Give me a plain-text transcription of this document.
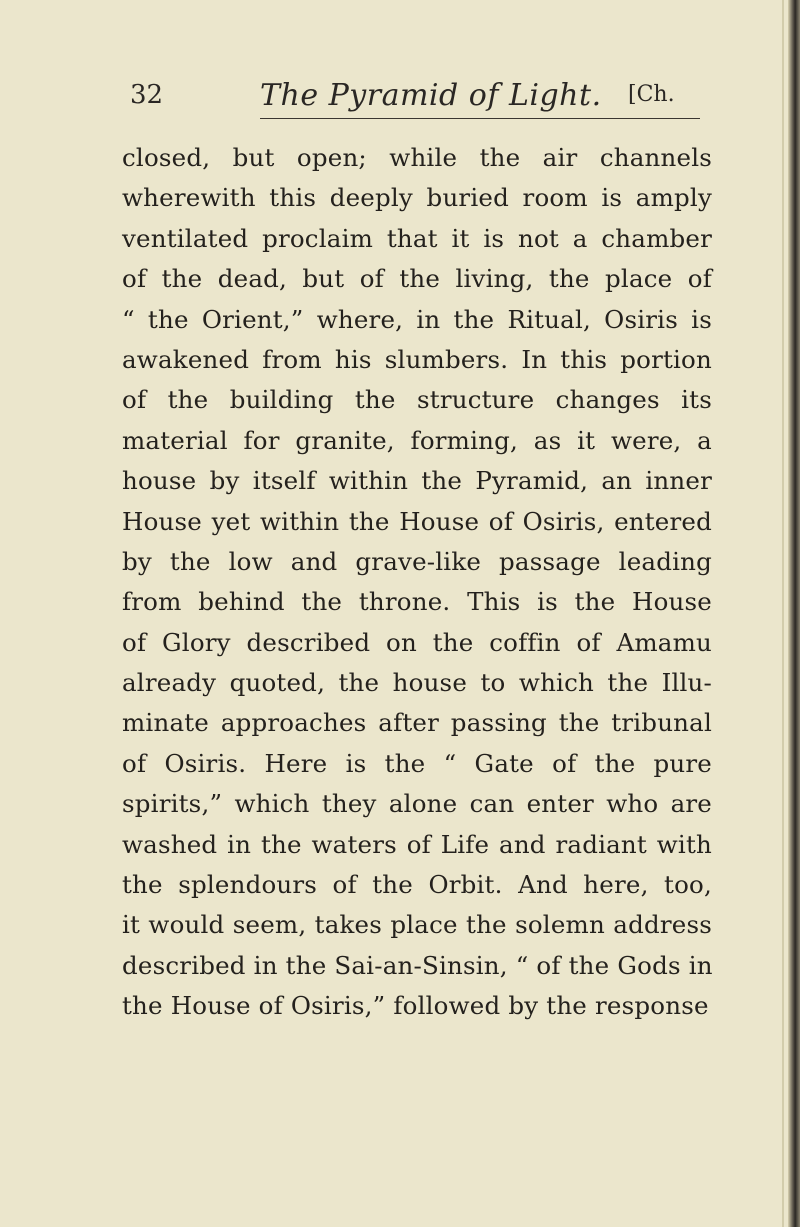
32	The Pyramid of Light. [Ch.
closed, but open; while the air channels
wherewith this deeply buried room is amply
ventilated proclaim that it is not a chamber
of the dead, but of the living, the place of
“ the Orient,” where, in the Ritual, Osiris is
awakened from his slumbers. In this portion
of the building the structure changes its
material for granite, forming, as it were, a
house by itself within the Pyramid, an inner
House yet within the House of Osiris, entered
by the low and grave-like passage leading
from behind the throne. This is the House
of Glory described on the coffin of Amamu
already quoted, the house to which the Illu-
minate approaches after passing the tribunal
of Osiris. Here is the “ Gate of the pure
spirits,” which they alone can enter who are
washed in the waters of Life and radiant with
the splendours of the Orbit. And here, too,
it would seem, takes place the solemn address
described in the Sai-an-Sinsin, “ of the Gods in
the House of Osiris,” followed by the response
